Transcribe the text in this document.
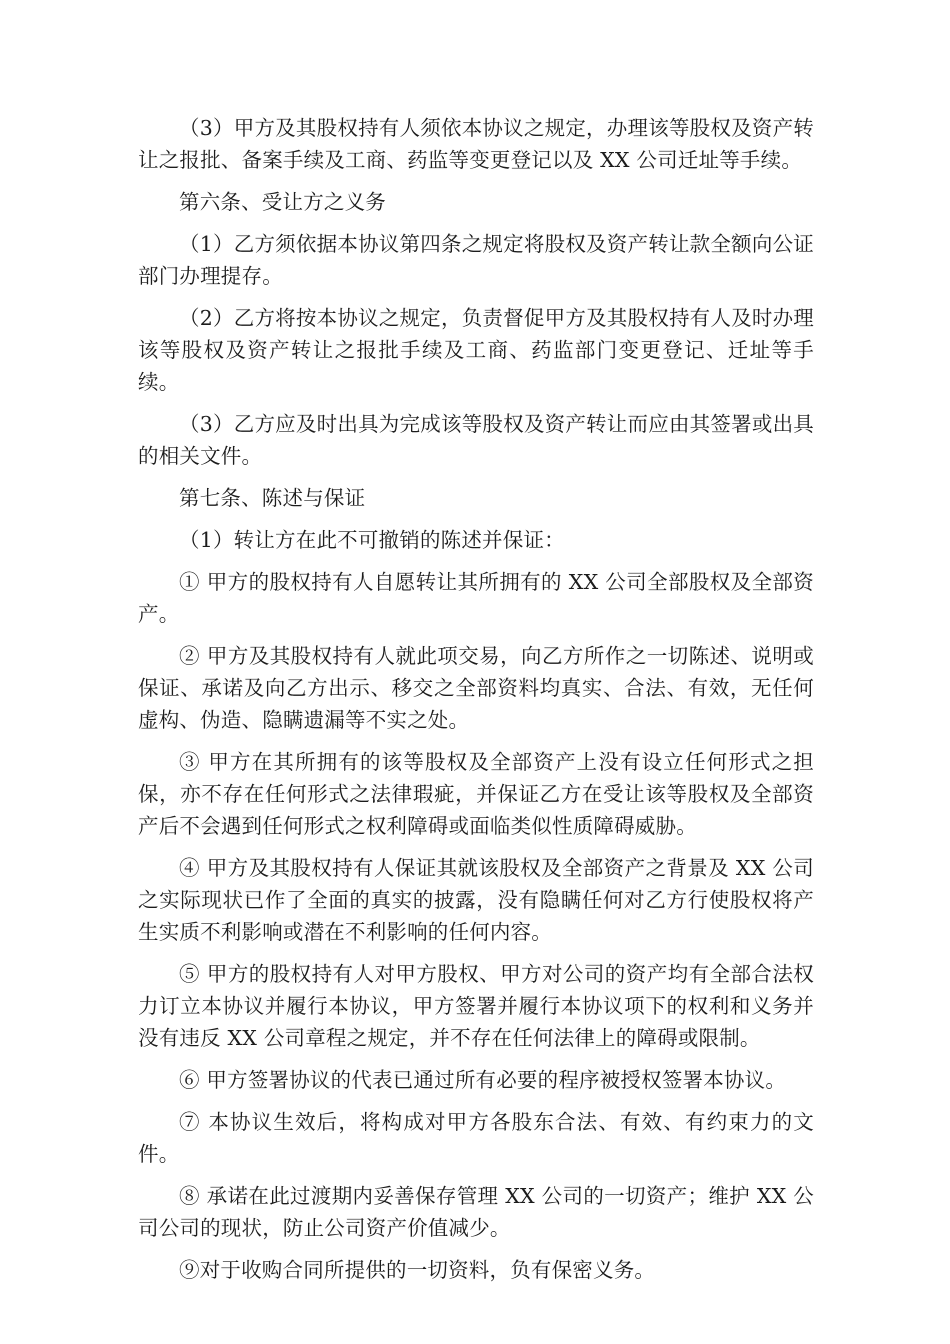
（3）甲方及其股权持有人须依本协议之规定，办理该等股权及资产转让之报批、备案手续及工商、药监等变更登记以及 XX 公司迁址等手续。

第六条、受让方之义务

（1）乙方须依据本协议第四条之规定将股权及资产转让款全额向公证部门办理提存。

（2）乙方将按本协议之规定，负责督促甲方及其股权持有人及时办理该等股权及资产转让之报批手续及工商、药监部门变更登记、迁址等手续。

（3）乙方应及时出具为完成该等股权及资产转让而应由其签署或出具的相关文件。

第七条、陈述与保证

（1）转让方在此不可撤销的陈述并保证：

① 甲方的股权持有人自愿转让其所拥有的 XX 公司全部股权及全部资产。

② 甲方及其股权持有人就此项交易，向乙方所作之一切陈述、说明或保证、承诺及向乙方出示、移交之全部资料均真实、合法、有效，无任何虚构、伪造、隐瞒遗漏等不实之处。

③ 甲方在其所拥有的该等股权及全部资产上没有设立任何形式之担保，亦不存在任何形式之法律瑕疵，并保证乙方在受让该等股权及全部资产后不会遇到任何形式之权利障碍或面临类似性质障碍威胁。

④ 甲方及其股权持有人保证其就该股权及全部资产之背景及 XX 公司之实际现状已作了全面的真实的披露，没有隐瞒任何对乙方行使股权将产生实质不利影响或潜在不利影响的任何内容。

⑤ 甲方的股权持有人对甲方股权、甲方对公司的资产均有全部合法权力订立本协议并履行本协议，甲方签署并履行本协议项下的权利和义务并没有违反 XX 公司章程之规定，并不存在任何法律上的障碍或限制。

⑥ 甲方签署协议的代表已通过所有必要的程序被授权签署本协议。

⑦ 本协议生效后，将构成对甲方各股东合法、有效、有约束力的文件。

⑧ 承诺在此过渡期内妥善保存管理 XX 公司的一切资产；维护 XX 公司公司的现状，防止公司资产价值减少。

⑨对于收购合同所提供的一切资料，负有保密义务。
